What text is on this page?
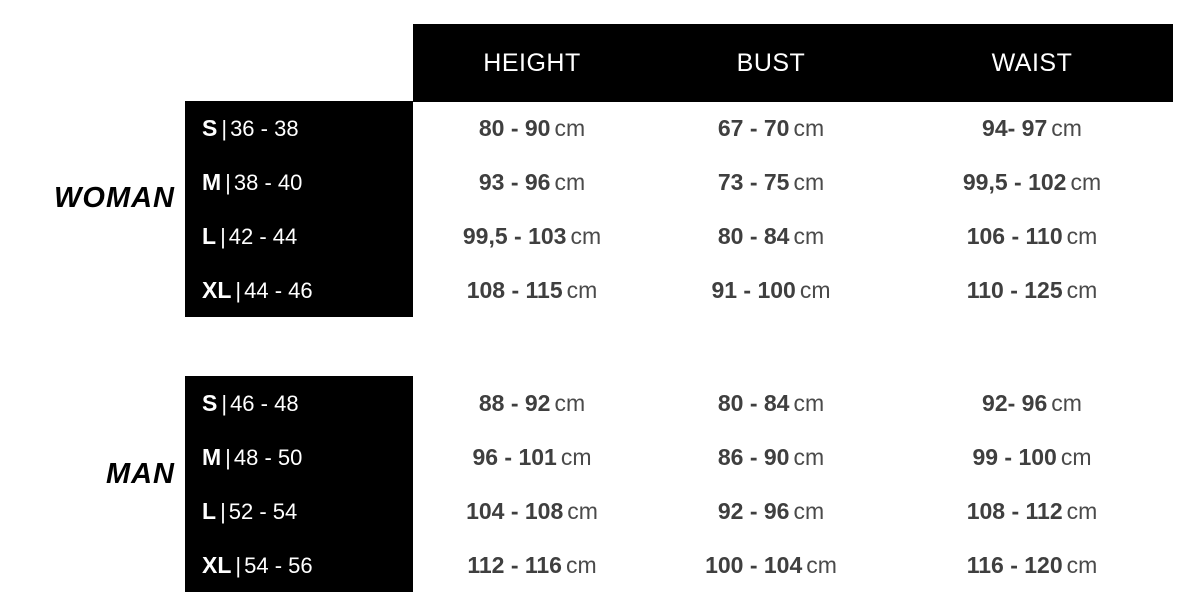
HEIGHT	BUST	WAIST
WOMAN
S | 36 - 38	80 - 90 cm	67 - 70 cm	94- 97 cm
M | 38 - 40	93 - 96 cm	73 - 75 cm	99,5 - 102 cm
L | 42 - 44	99,5 - 103 cm	80 - 84 cm	106 - 110 cm
XL | 44 - 46	108 - 115 cm	91 - 100 cm	110 - 125 cm
MAN
S | 46 - 48	88 - 92 cm	80 - 84 cm	92- 96 cm
M | 48 - 50	96 - 101 cm	86 - 90 cm	99 - 100 cm
L | 52 - 54	104 - 108 cm	92 - 96 cm	108 - 112 cm
XL | 54 - 56	112 - 116 cm	100 - 104 cm	116 - 120 cm
